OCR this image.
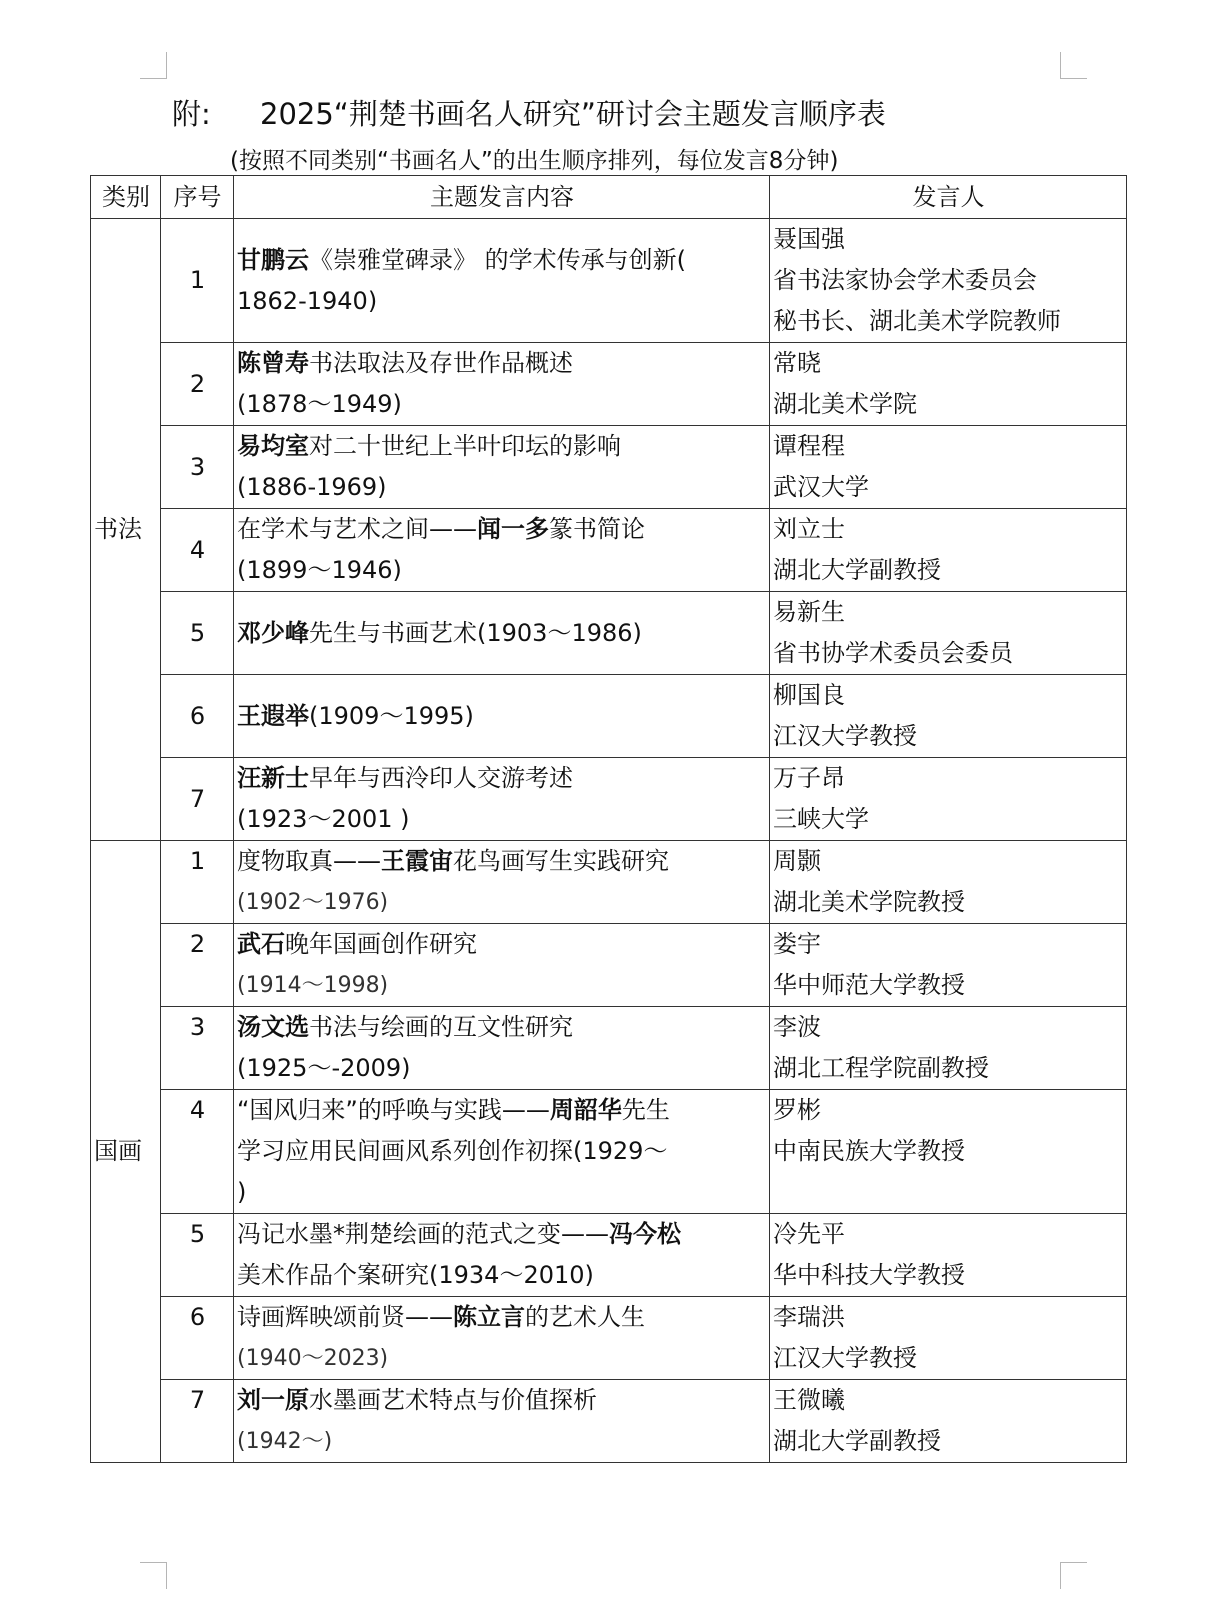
附: 2025“荆楚书画名人研究”研讨会主题发言顺序表
(按照不同类别“书画名人”的出生顺序排列，每位发言8分钟)
类别	序号	主题发言内容	发言人
书法	1	甘鹏云《崇雅堂碑录》 的学术传承与创新(
1862-1940)	聂国强
省书法家协会学术委员会
秘书长、湖北美术学院教师

	2	陈曾寿书法取法及存世作品概述
(1878～1949)	常晓
湖北美术学院

	3	易均室对二十世纪上半叶印坛的影响
(1886-1969)	谭程程
武汉大学

	4	在学术与艺术之间——闻一多篆书简论
(1899～1946)	刘立士
湖北大学副教授

	5	邓少峰先生与书画艺术(1903～1986)	易新生
省书协学术委员会委员

	6	王遐举(1909～1995)	柳国良
江汉大学教授

	7	汪新士早年与西泠印人交游考述
(1923～2001 )	万子昂
三峡大学

国画	1	度物取真——王霞宙花鸟画写生实践研究
(1902～1976)	周颢
湖北美术学院教授

	2	武石晚年国画创作研究
(1914～1998)	娄宇
华中师范大学教授

	3	汤文选书法与绘画的互文性研究
(1925～-2009)	李波
湖北工程学院副教授

	4	“国风归来”的呼唤与实践——周韶华先生
学习应用民间画风系列创作初探(1929～
)	罗彬
中南民族大学教授

	5	冯记水墨*荆楚绘画的范式之变——冯今松
美术作品个案研究(1934～2010)	冷先平
华中科技大学教授

	6	诗画辉映颂前贤——陈立言的艺术人生
(1940～2023)	李瑞洪
江汉大学教授

	7	刘一原水墨画艺术特点与价值探析
(1942～)	王微曦
湖北大学副教授
